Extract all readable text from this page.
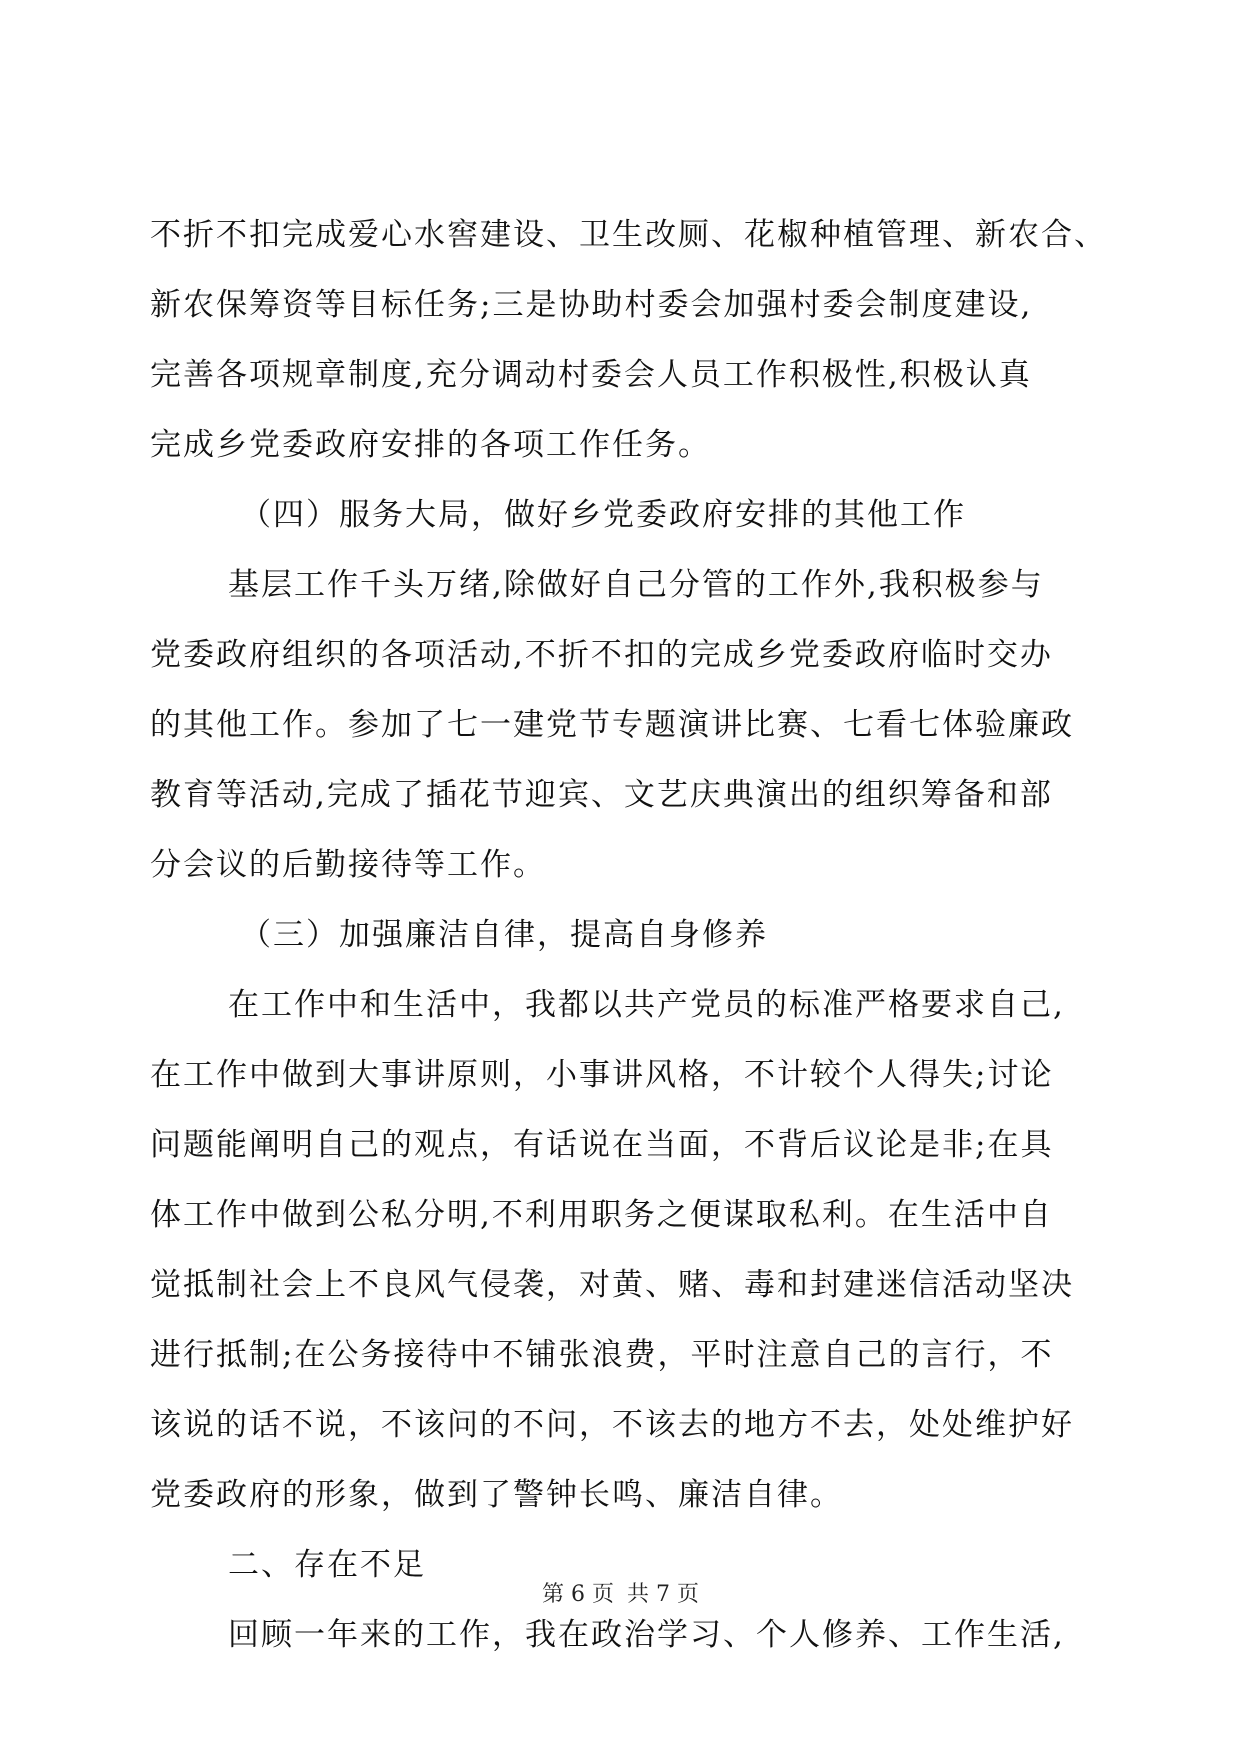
不折不扣完成爱心水窖建设、卫生改厕、花椒种植管理、新农合、
新农保筹资等目标任务;三是协助村委会加强村委会制度建设,
完善各项规章制度,充分调动村委会人员工作积极性,积极认真
完成乡党委政府安排的各项工作任务。
（四）服务大局，做好乡党委政府安排的其他工作
基层工作千头万绪,除做好自己分管的工作外,我积极参与
党委政府组织的各项活动,不折不扣的完成乡党委政府临时交办
的其他工作。参加了七一建党节专题演讲比赛、七看七体验廉政
教育等活动,完成了插花节迎宾、文艺庆典演出的组织筹备和部
分会议的后勤接待等工作。
（三）加强廉洁自律，提高自身修养
在工作中和生活中，我都以共产党员的标准严格要求自己,
在工作中做到大事讲原则，小事讲风格，不计较个人得失;讨论
问题能阐明自己的观点，有话说在当面，不背后议论是非;在具
体工作中做到公私分明,不利用职务之便谋取私利。在生活中自
觉抵制社会上不良风气侵袭，对黄、赌、毒和封建迷信活动坚决
进行抵制;在公务接待中不铺张浪费，平时注意自己的言行，不
该说的话不说，不该问的不问，不该去的地方不去，处处维护好
党委政府的形象，做到了警钟长鸣、廉洁自律。
二、存在不足
回顾一年来的工作，我在政治学习、个人修养、工作生活,
第 6 页 共 7 页
